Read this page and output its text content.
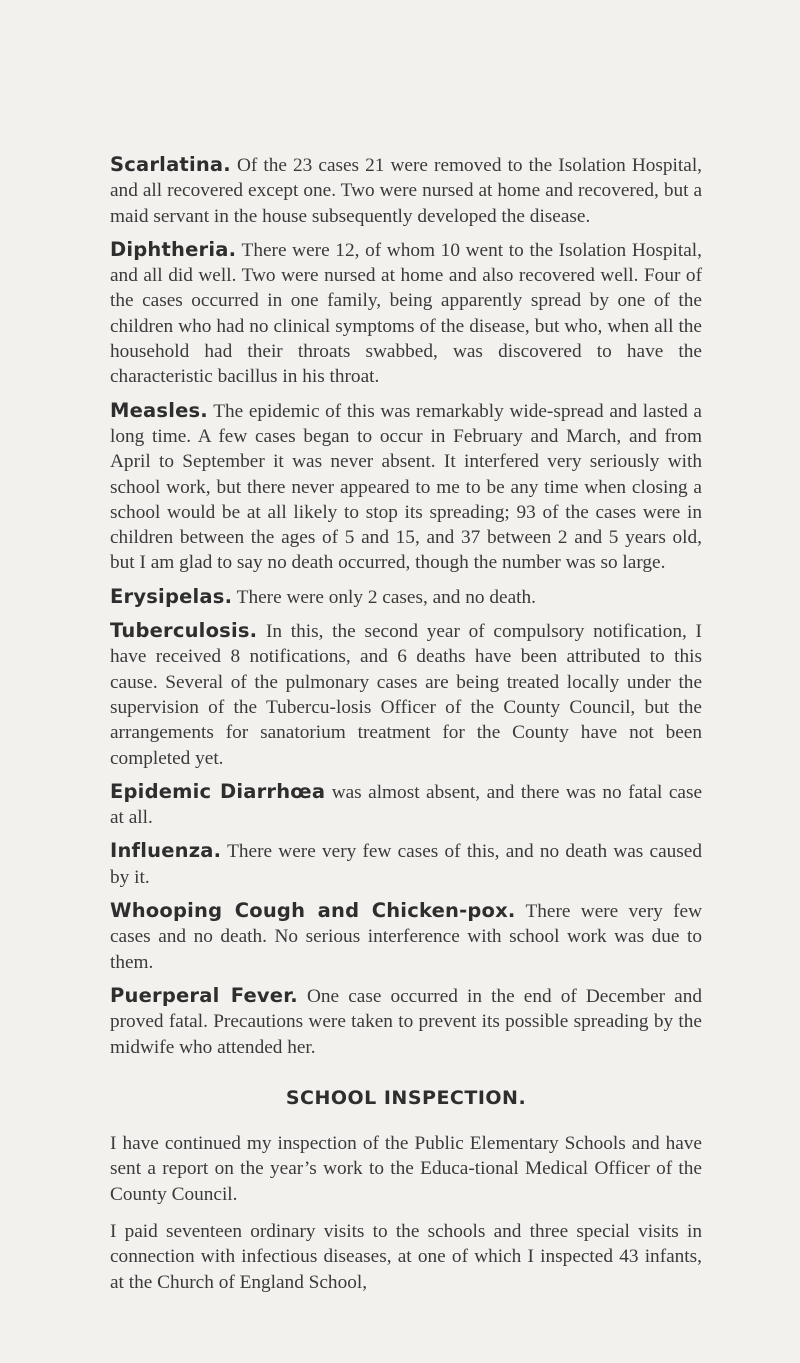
Scarlatina. Of the 23 cases 21 were removed to the Isolation Hospital, and all recovered except one. Two were nursed at home and recovered, but a maid servant in the house subsequently developed the disease.

Diphtheria. There were 12, of whom 10 went to the Isolation Hospital, and all did well. Two were nursed at home and also recovered well. Four of the cases occurred in one family, being apparently spread by one of the children who had no clinical symptoms of the disease, but who, when all the household had their throats swabbed, was discovered to have the characteristic bacillus in his throat.

Measles. The epidemic of this was remarkably wide-spread and lasted a long time. A few cases began to occur in February and March, and from April to September it was never absent. It interfered very seriously with school work, but there never appeared to me to be any time when closing a school would be at all likely to stop its spreading; 93 of the cases were in children between the ages of 5 and 15, and 37 between 2 and 5 years old, but I am glad to say no death occurred, though the number was so large.

Erysipelas. There were only 2 cases, and no death.

Tuberculosis. In this, the second year of compulsory notification, I have received 8 notifications, and 6 deaths have been attributed to this cause. Several of the pulmonary cases are being treated locally under the supervision of the Tubercu-losis Officer of the County Council, but the arrangements for sanatorium treatment for the County have not been completed yet.

Epidemic Diarrhœa was almost absent, and there was no fatal case at all.

Influenza. There were very few cases of this, and no death was caused by it.

Whooping Cough and Chicken-pox. There were very few cases and no death. No serious interference with school work was due to them.

Puerperal Fever. One case occurred in the end of December and proved fatal. Precautions were taken to prevent its possible spreading by the midwife who attended her.

SCHOOL INSPECTION.

I have continued my inspection of the Public Elementary Schools and have sent a report on the year’s work to the Educa-tional Medical Officer of the County Council.

I paid seventeen ordinary visits to the schools and three special visits in connection with infectious diseases, at one of which I inspected 43 infants, at the Church of England School,
